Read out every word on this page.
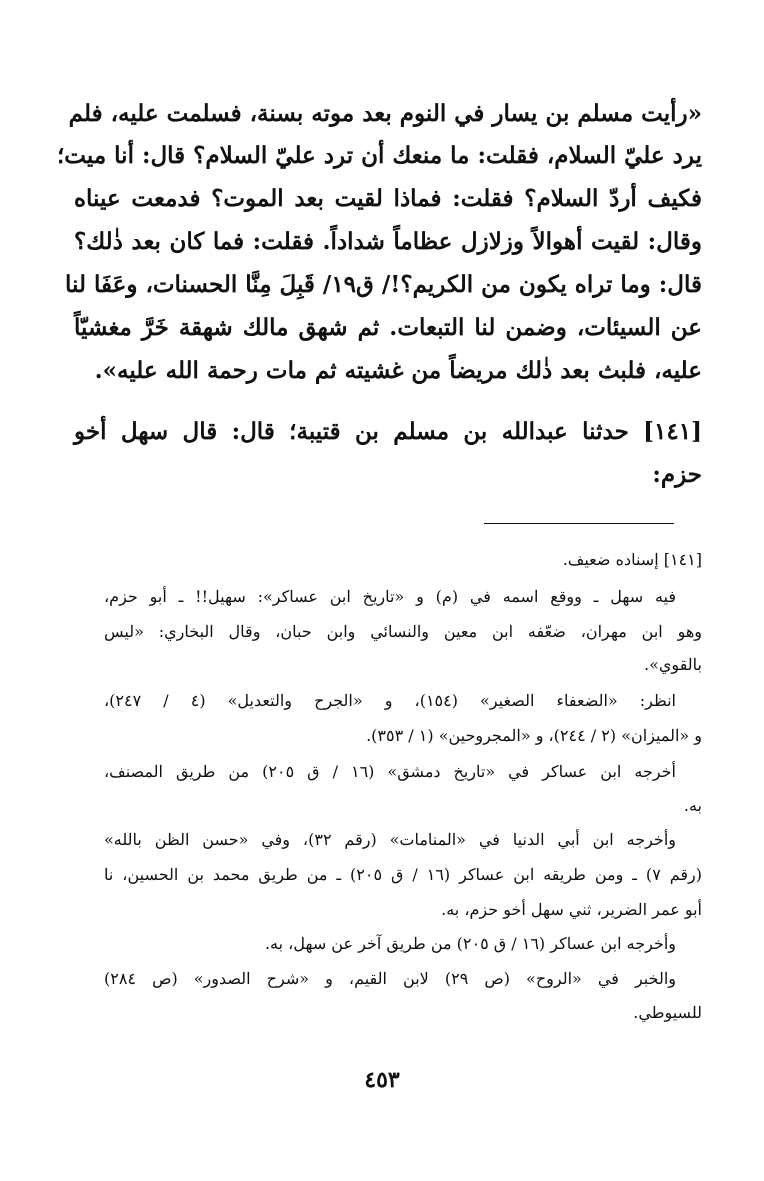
«رأيت مسلم بن يسار في النوم بعد موته بسنة، فسلمت عليه، فلم
يرد عليّ السلام، فقلت: ما منعك أن ترد عليّ السلام؟ قال: أنا ميت؛
فكيف أردّ السلام؟ فقلت: فماذا لقيت بعد الموت؟ فدمعت عيناه
وقال: لقيت أهوالاً وزلازل عظاماً شداداً. فقلت: فما كان بعد ذٰلك؟
قال: وما تراه يكون من الكريم؟!/ ق١٩/ قَبِلَ مِنَّا الحسنات، وعَفَا لنا
عن السيئات، وضمن لنا التبعات. ثم شهق مالك شهقة خَرَّ مغشيّاً
عليه، فلبث بعد ذٰلك مريضاً من غشيته ثم مات رحمة الله عليه».
[١٤١] حدثنا عبدالله بن مسلم بن قتيبة؛ قال: قال سهل أخو
حزم:
[١٤١] إسناده ضعيف.
فيه سهل ـ ووقع اسمه في (م) و «تاريخ ابن عساكر»: سهيل!! ـ أبو حزم،
وهو ابن مهران، ضعّفه ابن معين والنسائي وابن حبان، وقال البخاري: «ليس
بالقوي».
انظر: «الضعفاء الصغير» (١٥٤)، و «الجرح والتعديل» (٤ / ٢٤٧)،
و «الميزان» (٢ / ٢٤٤)، و «المجروحين» (١ / ٣٥٣).
أخرجه ابن عساكر في «تاريخ دمشق» (١٦ / ق ٢٠٥) من طريق المصنف،
به.
وأخرجه ابن أبي الدنيا في «المنامات» (رقم ٣٢)، وفي «حسن الظن بالله»
(رقم ٧) ـ ومن طريقه ابن عساكر (١٦ / ق ٢٠٥) ـ من طريق محمد بن الحسين، نا
أبو عمر الضرير، ثني سهل أخو حزم، به.
وأخرجه ابن عساكر (١٦ / ق ٢٠٥) من طريق آخر عن سهل، به.
والخبر في «الروح» (ص ٢٩) لابن القيم، و «شرح الصدور» (ص ٢٨٤)
للسيوطي.
٤٥٣
